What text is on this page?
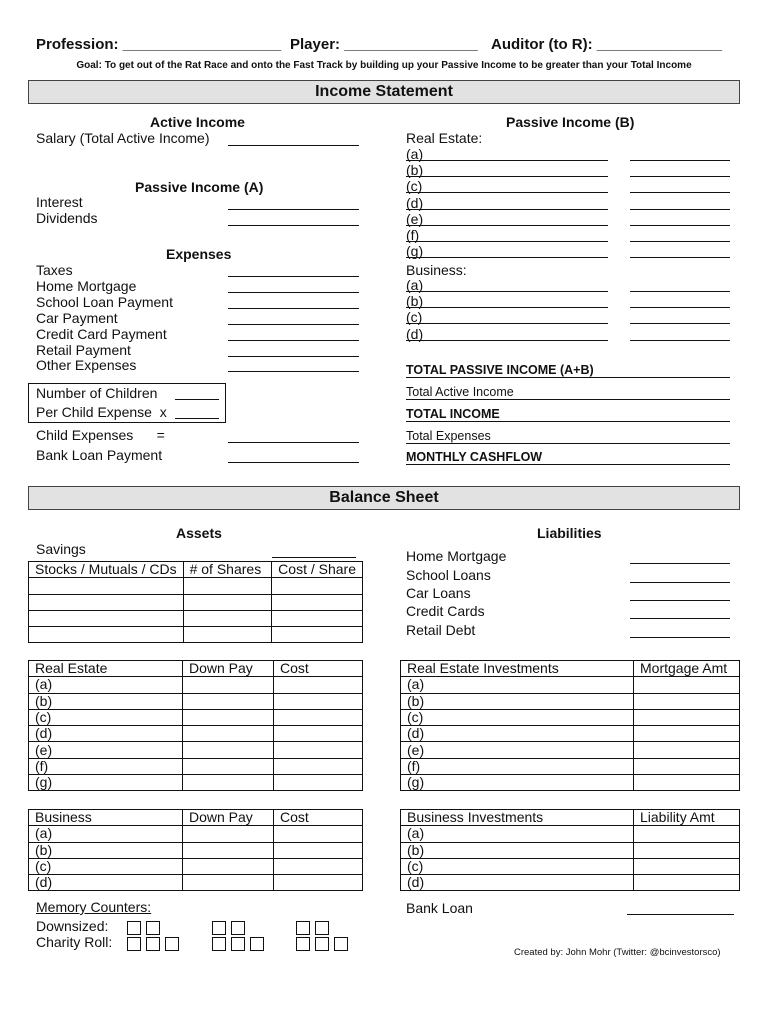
Profession: ___________________ Player: ________________ Auditor (to R): _______________
Goal: To get out of the Rat Race and onto the Fast Track by building up your Passive Income to be greater than your Total Income
Income Statement
Active Income
Salary (Total Active Income)
Passive Income (A)
Interest
Dividends
Expenses
Taxes
Home Mortgage
School Loan Payment
Car Payment
Credit Card Payment
Retail Payment
Other Expenses
Number of Children
Per Child Expense  x
Child Expenses      =
Bank Loan Payment
Passive Income (B)
Real Estate:
(a)
(b)
(c)
(d)
(e)
(f)
(g)
Business:
(a)
(b)
(c)
(d)
TOTAL PASSIVE INCOME (A+B)
Total Active Income
TOTAL INCOME
Total Expenses
MONTHLY CASHFLOW
Balance Sheet
Assets
Savings
Stocks / Mutuals / CDs	# of Shares	Cost / Share

Real Estate	Down Pay	Cost
(a)		
(b)		
(c)		
(d)		
(e)		
(f)		
(g)		
Business	Down Pay	Cost
(a)		
(b)		
(c)		
(d)		
Liabilities
Home Mortgage
School Loans
Car Loans
Credit Cards
Retail Debt
Real Estate Investments	Mortgage Amt
(a)	
(b)	
(c)	
(d)	
(e)	
(f)	
(g)	
Business Investments	Liability Amt
(a)	
(b)	
(c)	
(d)	
Bank Loan
Memory Counters:
Downsized:
Charity Roll:
Created by: John Mohr (Twitter: @bcinvestorsco)
